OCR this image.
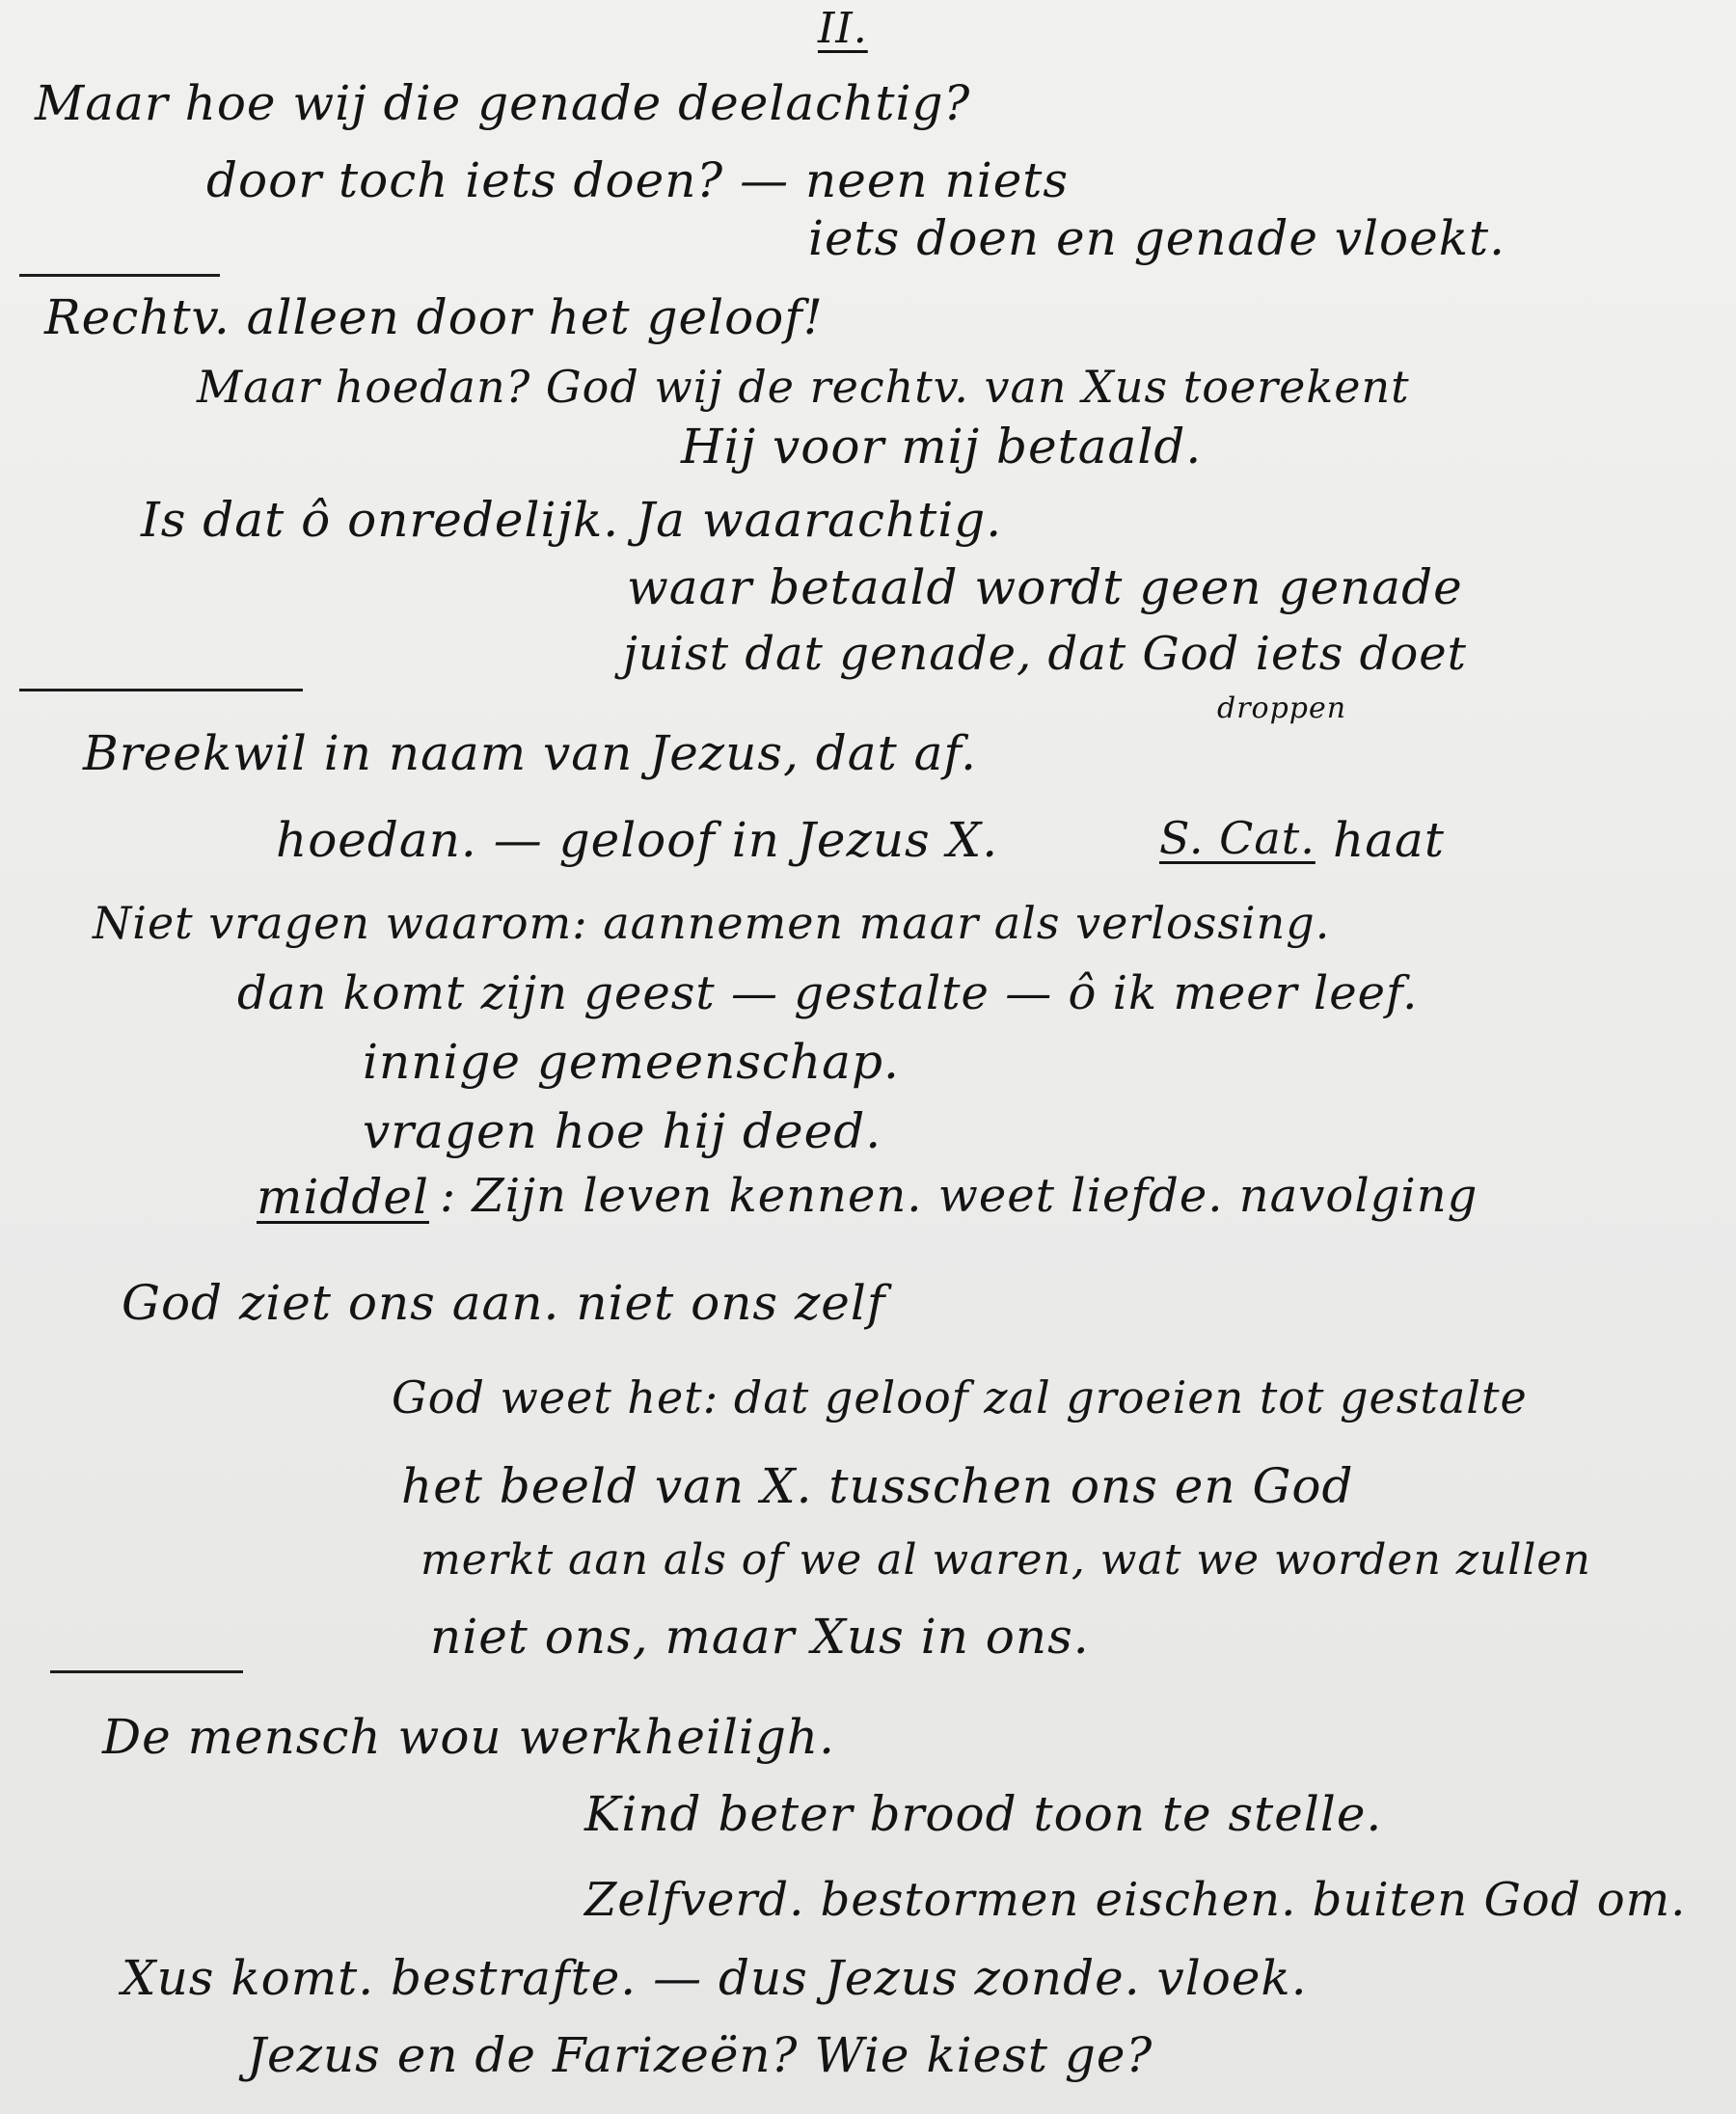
II.
Maar hoe wij die genade deelachtig?
door toch iets doen? — neen niets
iets doen en genade vloekt.
Rechtv. alleen door het geloof!
Maar hoedan? God wij de rechtv. van Xus toerekent
Hij voor mij betaald.
Is dat ô onredelijk. Ja waarachtig.
waar betaald wordt geen genade
juist dat genade, dat God iets doet
droppen
Breekwil in naam van Jezus, dat af.
hoedan. — geloof in Jezus X.	S. Cat. haat
Niet vragen waarom: aannemen maar als verlossing.
dan komt zijn geest — gestalte — ô ik meer leef.
innige gemeenschap.
vragen hoe hij deed.
middel : Zijn leven kennen. weet liefde. navolging
God ziet ons aan. niet ons zelf
God weet het: dat geloof zal groeien tot gestalte
het beeld van X. tusschen ons en God
merkt aan als of we al waren, wat we worden zullen
niet ons, maar Xus in ons.
De mensch wou werkheiligh.
Kind beter brood toon te stelle.
Zelfverd. bestormen eischen. buiten God om.
Xus komt. bestrafte. — dus Jezus zonde. vloek.
Jezus en de Farizeën? Wie kiest ge?
